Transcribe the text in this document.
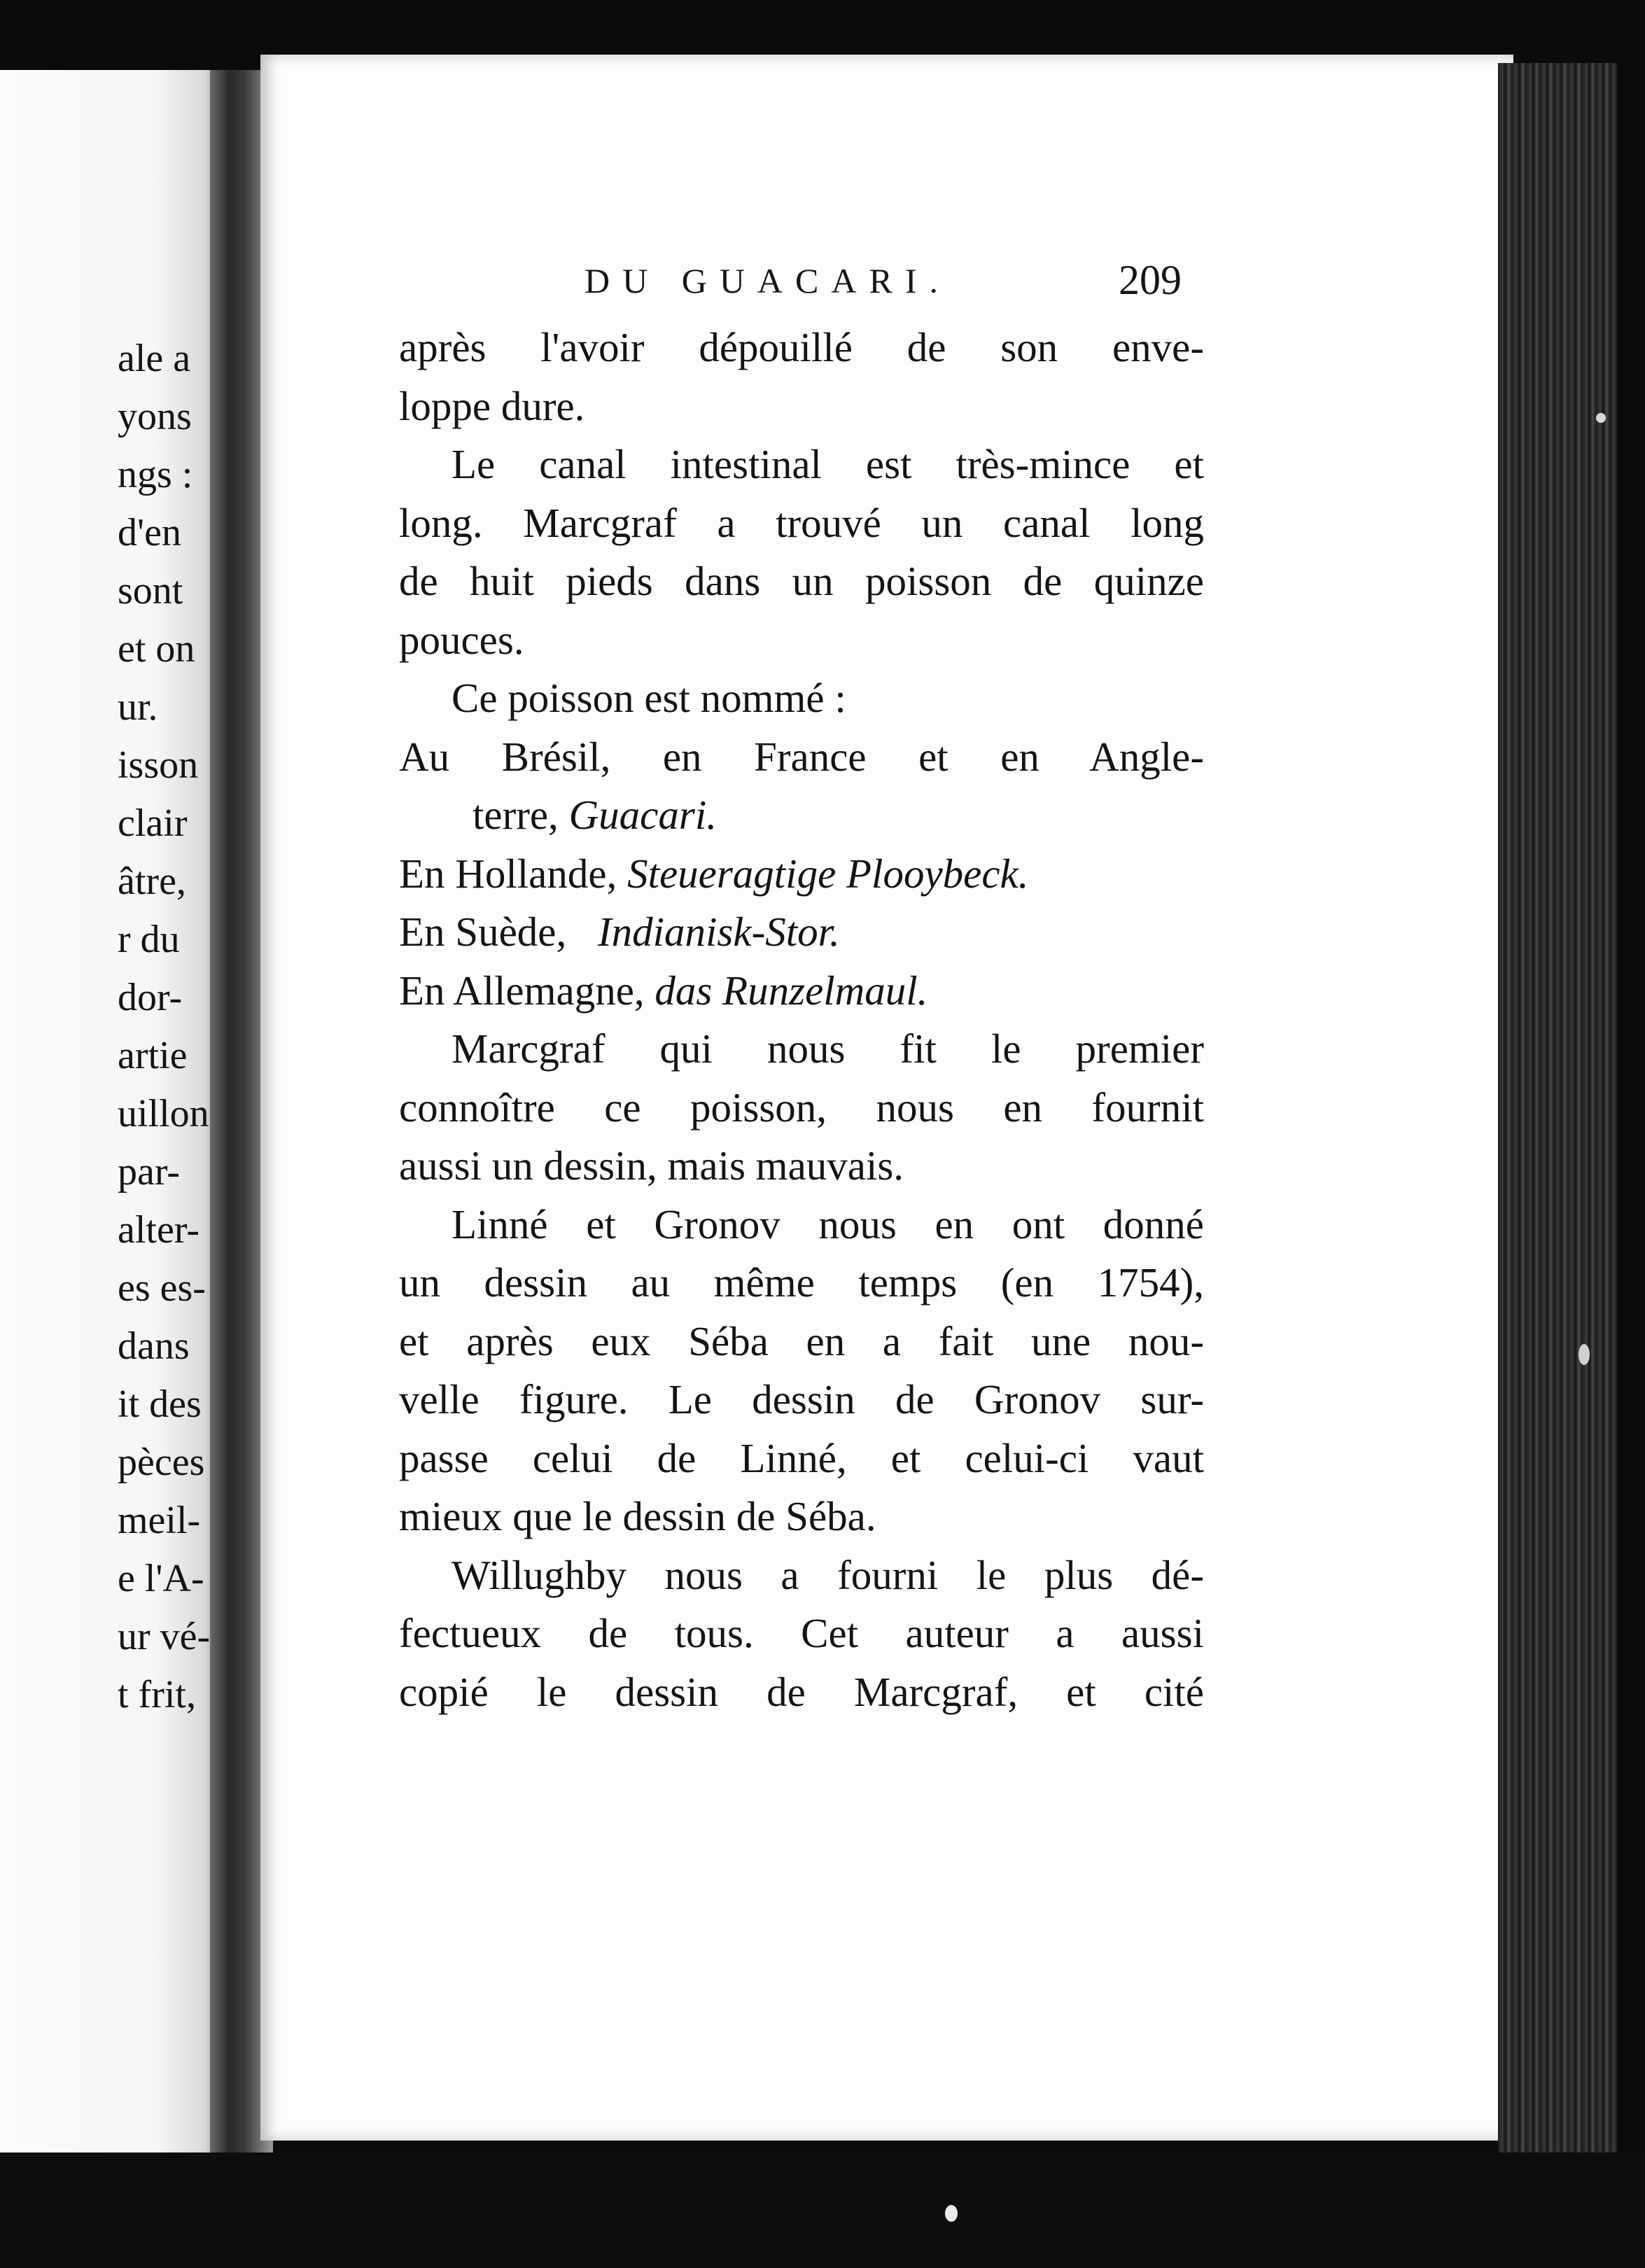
ale a
yons
ngs :
d'en
sont
et on
ur.
isson
clair
âtre,
r du
dor-
artie
uillon
par-
alter-
es es-
dans
it des
pèces
meil-
e l'A-
ur vé-
t frit,
DU GUACARI.	209
après l'avoir dépouillé de son enve-
loppe dure.
Le canal intestinal est très-mince et
long. Marcgraf a trouvé un canal long
de huit pieds dans un poisson de quinze
pouces.
Ce poisson est nommé :
Au Brésil, en France et en Angle-
terre, Guacari.
En Hollande, Steueragtige Plooybeck.
En Suède, Indianisk-Stor.
En Allemagne, das Runzelmaul.
Marcgraf qui nous fit le premier
connoître ce poisson, nous en fournit
aussi un dessin, mais mauvais.
Linné et Gronov nous en ont donné
un dessin au même temps (en 1754),
et après eux Séba en a fait une nou-
velle figure. Le dessin de Gronov sur-
passe celui de Linné, et celui-ci vaut
mieux que le dessin de Séba.
Willughby nous a fourni le plus dé-
fectueux de tous. Cet auteur a aussi
copié le dessin de Marcgraf, et cité
